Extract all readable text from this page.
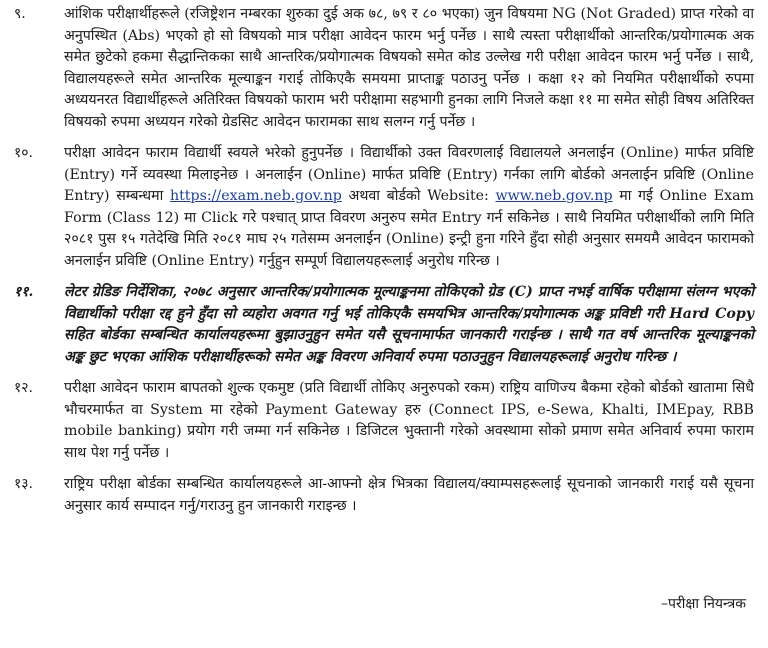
९.	आंशिक परीक्षार्थीहरूले (रजिष्ट्रेशन नम्बरका शुरुका दुई अक ७८, ७९ र ८० भएका) जुन विषयमा NG (Not Graded) प्राप्त गरेको वा अनुपस्थित (Abs) भएको हो सो विषयको मात्र परीक्षा आवेदन फारम भर्नु पर्नेछ । साथै त्यस्ता परीक्षार्थीको आन्तरिक/प्रयोगात्मक अक समेत छुटेको हकमा सैद्धान्तिकका साथै आन्तरिक/प्रयोगात्मक विषयको समेत कोड उल्लेख गरी परीक्षा आवेदन फारम भर्नु पर्नेछ । साथै, विद्यालयहरूले समेत आन्तरिक मूल्याङ्कन गराई तोकिएकै समयमा प्राप्ताङ्क पठाउनु पर्नेछ । कक्षा १२ को नियमित परीक्षार्थीको रुपमा अध्ययनरत विद्यार्थीहरूले अतिरिक्त विषयको फाराम भरी परीक्षामा सहभागी हुनका लागि निजले कक्षा ११ मा समेत सोही विषय अतिरिक्त विषयको रुपमा अध्ययन गरेको ग्रेडसिट आवेदन फारामका साथ सलग्न गर्नु पर्नेछ ।
१०.	परीक्षा आवेदन फाराम विद्यार्थी स्वयले भरेको हुनुपर्नेछ । विद्यार्थीको उक्त विवरणलाई विद्यालयले अनलाईन (Online) मार्फत प्रविष्टि (Entry) गर्ने व्यवस्था मिलाइनेछ । अनलाईन (Online) मार्फत प्रविष्टि (Entry) गर्नका लागि बोर्डको अनलाईन प्रविष्टि (Online Entry) सम्बन्धमा https://exam.neb.gov.np अथवा बोर्डको Website: www.neb.gov.np मा गई Online Exam Form (Class 12) मा Click गरे पश्चात् प्राप्त विवरण अनुरुप समेत Entry गर्न सकिनेछ । साथै नियमित परीक्षार्थीको लागि मिति २०८१ पुस १५ गतेदेखि मिति २०८१ माघ २५ गतेसम्म अनलाईन (Online) इन्ट्री हुना गरिने हुँदा सोही अनुसार समयमै आवेदन फारामको अनलाईन प्रविष्टि (Online Entry) गर्नुहुन सम्पूर्ण विद्यालयहरूलाई अनुरोध गरिन्छ ।
११.	लेटर ग्रेडिङ निर्देशिका, २०७८ अनुसार आन्तरिक/प्रयोगात्मक मूल्याङ्कनमा तोकिएको ग्रेड (C) प्राप्त नभई वार्षिक परीक्षामा संलग्न भएको विद्यार्थीको परीक्षा रद्द हुने हुँदा सो व्यहोरा अवगत गर्नु भई तोकिएकै समयभित्र आन्तरिक/प्रयोगात्मक अङ्क प्रविष्टी गरी Hard Copy सहित बोर्डका सम्बन्धित कार्यालयहरूमा बुझाउनुहुन समेत यसै सूचनामार्फत जानकारी गराईन्छ । साथै गत वर्ष आन्तरिक मूल्याङ्कनको अङ्क छुट भएका आंशिक परीक्षार्थीहरूको समेत अङ्क विवरण अनिवार्य रुपमा पठाउनुहुन विद्यालयहरूलाई अनुरोध गरिन्छ ।
१२.	परीक्षा आवेदन फाराम बापतको शुल्क एकमुष्ट (प्रति विद्यार्थी तोकिए अनुरुपको रकम) राष्ट्रिय वाणिज्य बैकमा रहेको बोर्डको खातामा सिधै भौचरमार्फत वा System मा रहेको Payment Gateway हरु (Connect IPS, e-Sewa, Khalti, IMEpay, RBB mobile banking) प्रयोग गरी जम्मा गर्न सकिनेछ । डिजिटल भुक्तानी गरेको अवस्थामा सोको प्रमाण समेत अनिवार्य रुपमा फाराम साथ पेश गर्नु पर्नेछ ।
१३.	राष्ट्रिय परीक्षा बोर्डका सम्बन्धित कार्यालयहरूले आ-आफ्नो क्षेत्र भित्रका विद्यालय/क्याम्पसहरूलाई सूचनाको जानकारी गराई यसै सूचना अनुसार कार्य सम्पादन गर्नु/गराउनु हुन जानकारी गराइन्छ ।
–परीक्षा नियन्त्रक
